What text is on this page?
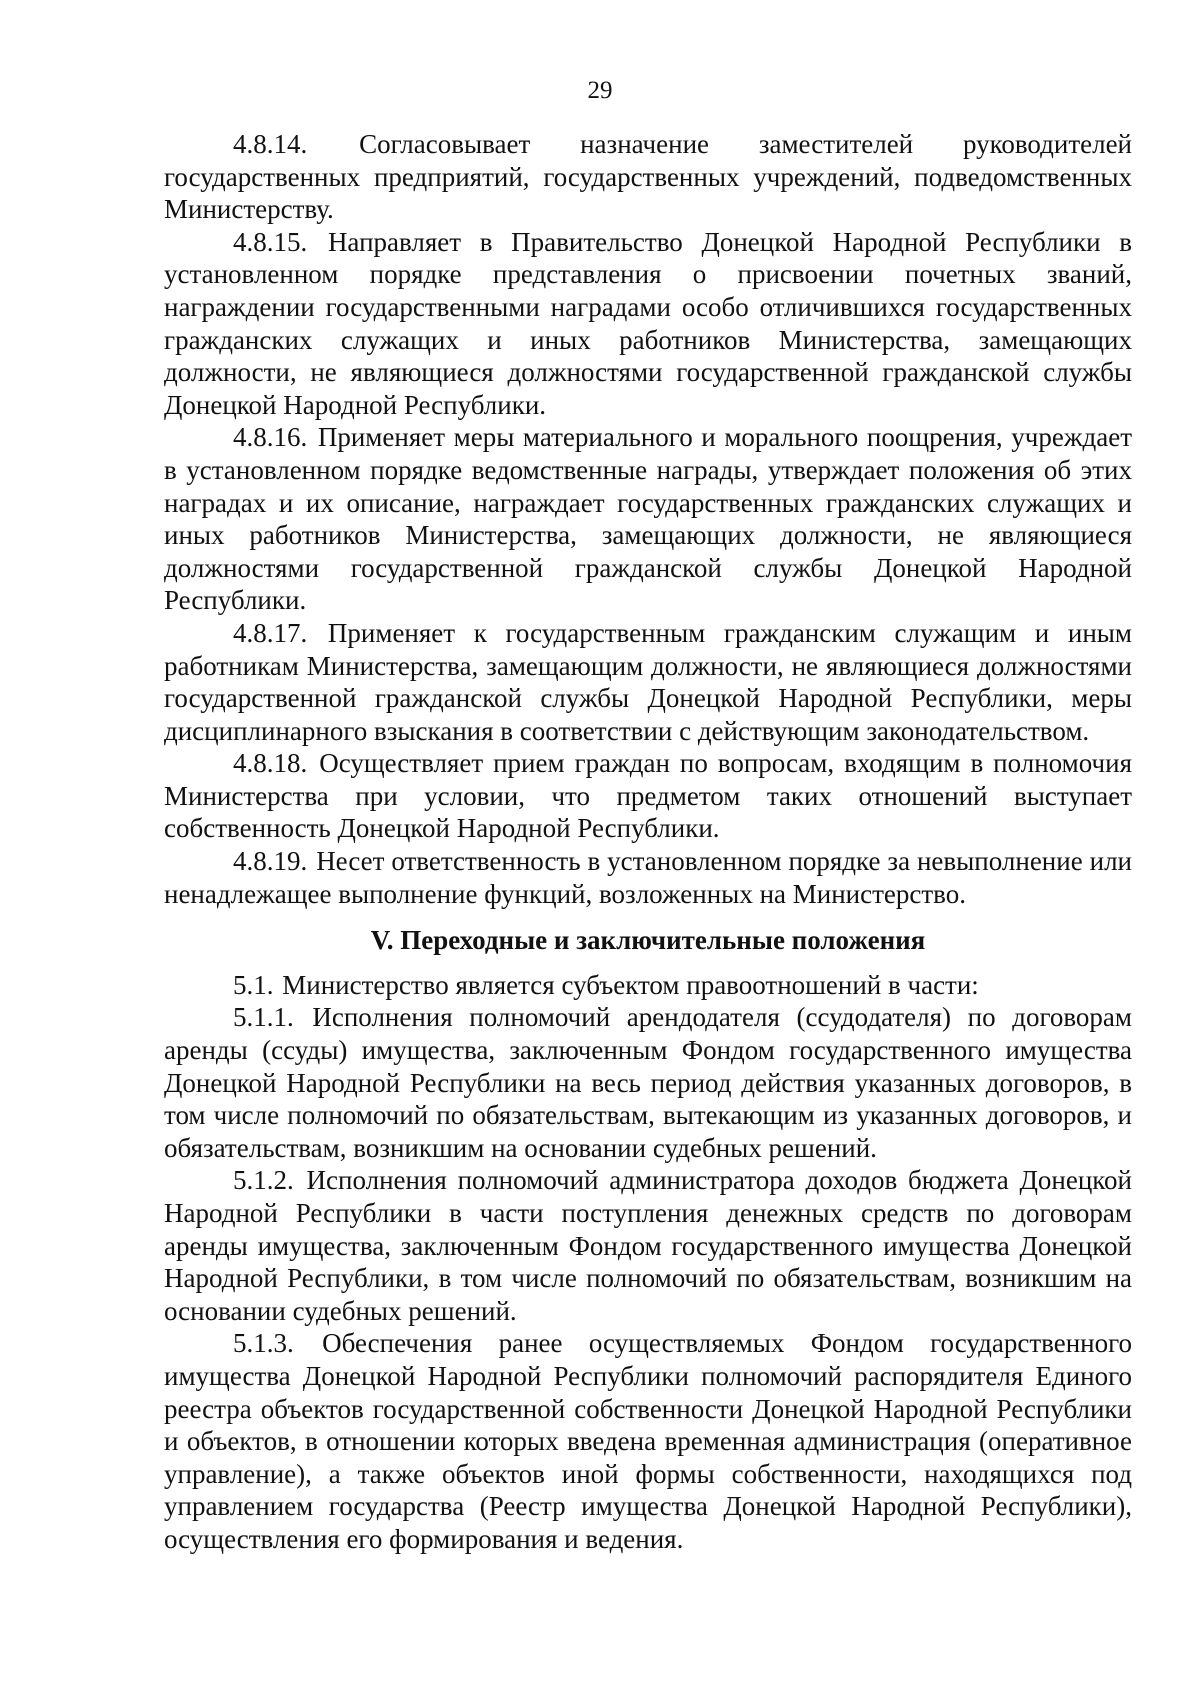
29

4.8.14. Согласовывает назначение заместителей руководителей государственных предприятий, государственных учреждений, подведомственных Министерству.

4.8.15. Направляет в Правительство Донецкой Народной Республики в установленном порядке представления о присвоении почетных званий, награждении государственными наградами особо отличившихся государственных гражданских служащих и иных работников Министерства, замещающих должности, не являющиеся должностями государственной гражданской службы Донецкой Народной Республики.

4.8.16. Применяет меры материального и морального поощрения, учреждает в установленном порядке ведомственные награды, утверждает положения об этих наградах и их описание, награждает государственных гражданских служащих и иных работников Министерства, замещающих должности, не являющиеся должностями государственной гражданской службы Донецкой Народной Республики.

4.8.17. Применяет к государственным гражданским служащим и иным работникам Министерства, замещающим должности, не являющиеся должностями государственной гражданской службы Донецкой Народной Республики, меры дисциплинарного взыскания в соответствии с действующим законодательством.

4.8.18. Осуществляет прием граждан по вопросам, входящим в полномочия Министерства при условии, что предметом таких отношений выступает собственность Донецкой Народной Республики.

4.8.19. Несет ответственность в установленном порядке за невыполнение или ненадлежащее выполнение функций, возложенных на Министерство.

V. Переходные и заключительные положения

5.1. Министерство является субъектом правоотношений в части:

5.1.1. Исполнения полномочий арендодателя (ссудодателя) по договорам аренды (ссуды) имущества, заключенным Фондом государственного имущества Донецкой Народной Республики на весь период действия указанных договоров, в том числе полномочий по обязательствам, вытекающим из указанных договоров, и обязательствам, возникшим на основании судебных решений.

5.1.2. Исполнения полномочий администратора доходов бюджета Донецкой Народной Республики в части поступления денежных средств по договорам аренды имущества, заключенным Фондом государственного имущества Донецкой Народной Республики, в том числе полномочий по обязательствам, возникшим на основании судебных решений.

5.1.3. Обеспечения ранее осуществляемых Фондом государственного имущества Донецкой Народной Республики полномочий распорядителя Единого реестра объектов государственной собственности Донецкой Народной Республики и объектов, в отношении которых введена временная администрация (оперативное управление), а также объектов иной формы собственности, находящихся под управлением государства (Реестр имущества Донецкой Народной Республики), осуществления его формирования и ведения.
